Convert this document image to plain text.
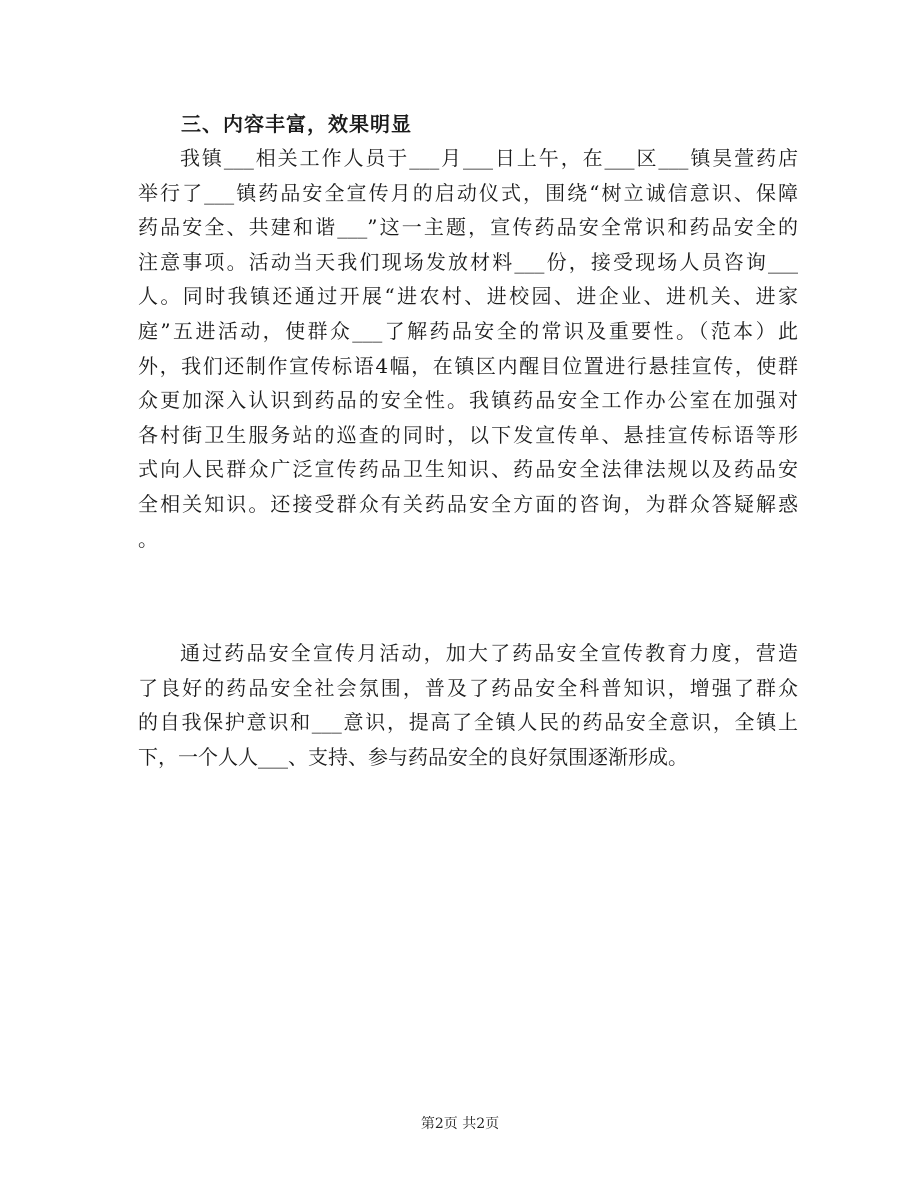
三、内容丰富，效果明显
我镇___相关工作人员于___月___日上午，在___区___镇昊萱药店
举行了___镇药品安全宣传月的启动仪式，围绕“树立诚信意识、保障
药品安全、共建和谐___”这一主题，宣传药品安全常识和药品安全的
注意事项。活动当天我们现场发放材料___份，接受现场人员咨询___
人。同时我镇还通过开展“进农村、进校园、进企业、进机关、进家
庭”五进活动，使群众___了解药品安全的常识及重要性。（范本）此
外，我们还制作宣传标语4幅，在镇区内醒目位置进行悬挂宣传，使群
众更加深入认识到药品的安全性。我镇药品安全工作办公室在加强对
各村街卫生服务站的巡查的同时，以下发宣传单、悬挂宣传标语等形
式向人民群众广泛宣传药品卫生知识、药品安全法律法规以及药品安
全相关知识。还接受群众有关药品安全方面的咨询，为群众答疑解惑
。
通过药品安全宣传月活动，加大了药品安全宣传教育力度，营造
了良好的药品安全社会氛围，普及了药品安全科普知识，增强了群众
的自我保护意识和___意识，提高了全镇人民的药品安全意识，全镇上
下，一个人人___、支持、参与药品安全的良好氛围逐渐形成。
第2页 共2页
